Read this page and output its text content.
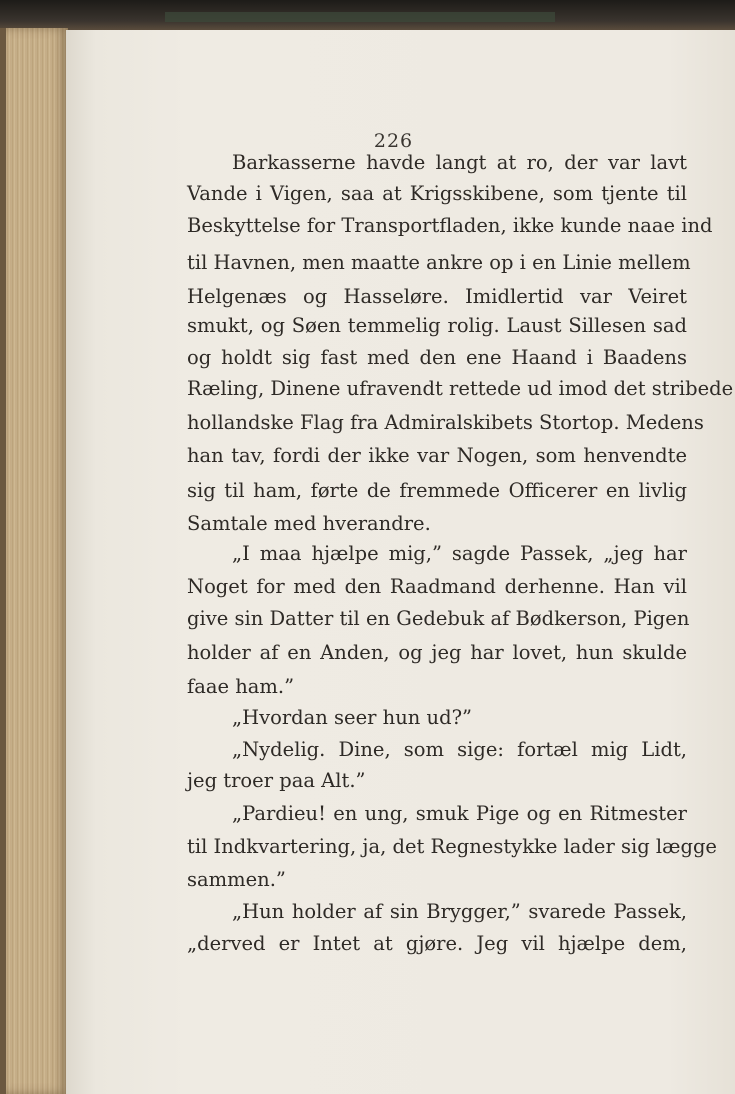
226
Barkasserne havde langt at ro, der var lavt
Vande i Vigen, saa at Krigsskibene, som tjente til
Beskyttelse for Transportfladen, ikke kunde naae ind
til Havnen, men maatte ankre op i en Linie mellem
Helgenæs og Hasseløre. Imidlertid var Veiret
smukt, og Søen temmelig rolig. Laust Sillesen sad
og holdt sig fast med den ene Haand i Baadens
Ræling, Dinene ufravendt rettede ud imod det stribede
hollandske Flag fra Admiralskibets Stortop. Medens
han tav, fordi der ikke var Nogen, som henvendte
sig til ham, førte de fremmede Officerer en livlig
Samtale med hverandre.
„I maa hjælpe mig,” sagde Passek, „jeg har
Noget for med den Raadmand derhenne. Han vil
give sin Datter til en Gedebuk af Bødkerson, Pigen
holder af en Anden, og jeg har lovet, hun skulde
faae ham.”
„Hvordan seer hun ud?”
„Nydelig. Dine, som sige: fortæl mig Lidt,
jeg troer paa Alt.”
„Pardieu! en ung, smuk Pige og en Ritmester
til Indkvartering, ja, det Regnestykke lader sig lægge
sammen.”
„Hun holder af sin Brygger,” svarede Passek,
„derved er Intet at gjøre. Jeg vil hjælpe dem,
